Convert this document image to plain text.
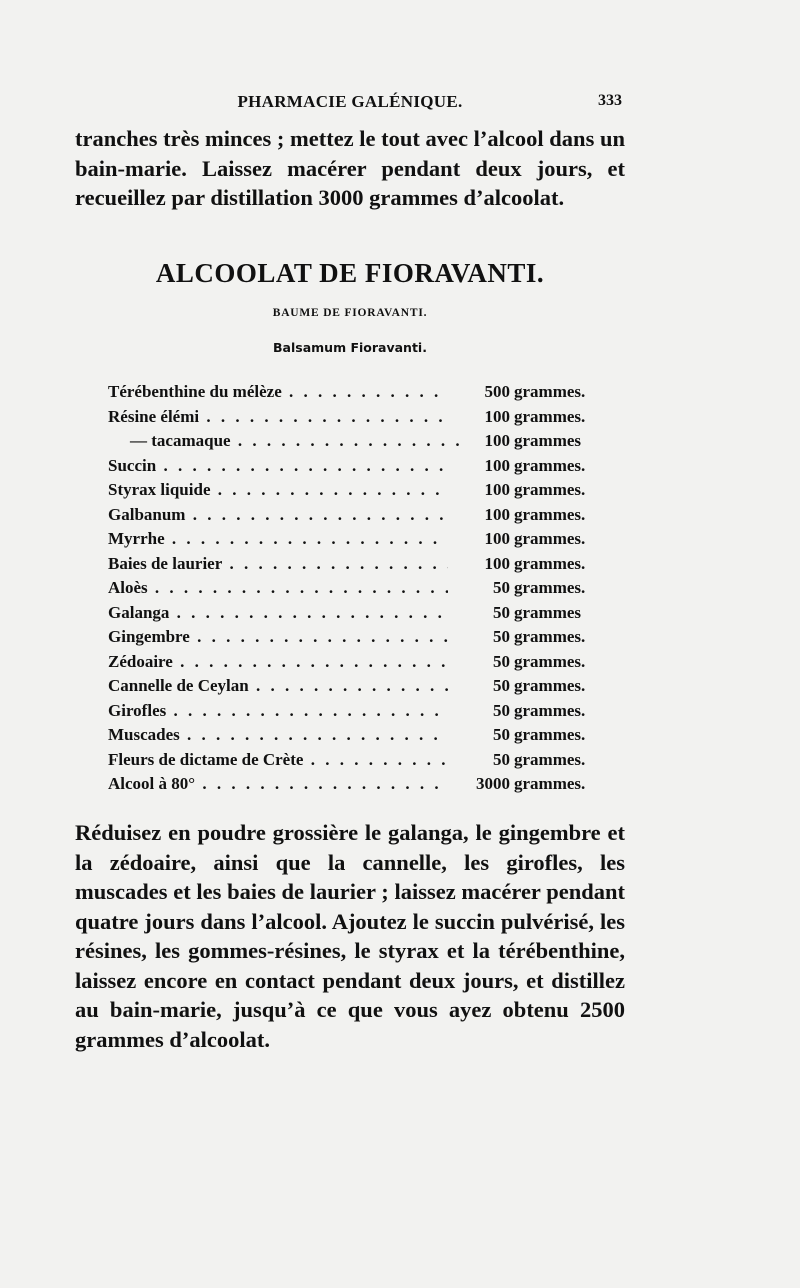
PHARMACIE GALÉNIQUE.	333

tranches très minces ; mettez le tout avec l’alcool dans un bain-marie. Laissez macérer pendant deux jours, et recueillez par distillation 3000 grammes d’alcoolat.

ALCOOLAT DE FIORAVANTI.
BAUME DE FIORAVANTI.
Balsamum Fioravanti.
Térébenthine du mélèze . . .	500 grammes.
Résine élémi . . .	100 grammes.
— tacamaque . . .	100 grammes
Succin . . .	100 grammes.
Styrax liquide . . .	100 grammes.
Galbanum . . .	100 grammes.
Myrrhe . . .	100 grammes.
Baies de laurier . . .	100 grammes.
Aloès . . .	50 grammes.
Galanga . . .	50 grammes
Gingembre . . .	50 grammes.
Zédoaire . . .	50 grammes.
Cannelle de Ceylan . . .	50 grammes.
Girofles . . .	50 grammes.
Muscades . . .	50 grammes.
Fleurs de dictame de Crète . . .	50 grammes.
Alcool à 80° . . .	3000 grammes.

Réduisez en poudre grossière le galanga, le gingembre et la zédoaire, ainsi que la cannelle, les girofles, les muscades et les baies de laurier ; laissez macérer pendant quatre jours dans l’alcool. Ajoutez le succin pulvérisé, les résines, les gommes-résines, le styrax et la térébenthine, laissez encore en contact pendant deux jours, et distillez au bain-marie, jusqu’à ce que vous ayez obtenu 2500 grammes d’alcoolat.
